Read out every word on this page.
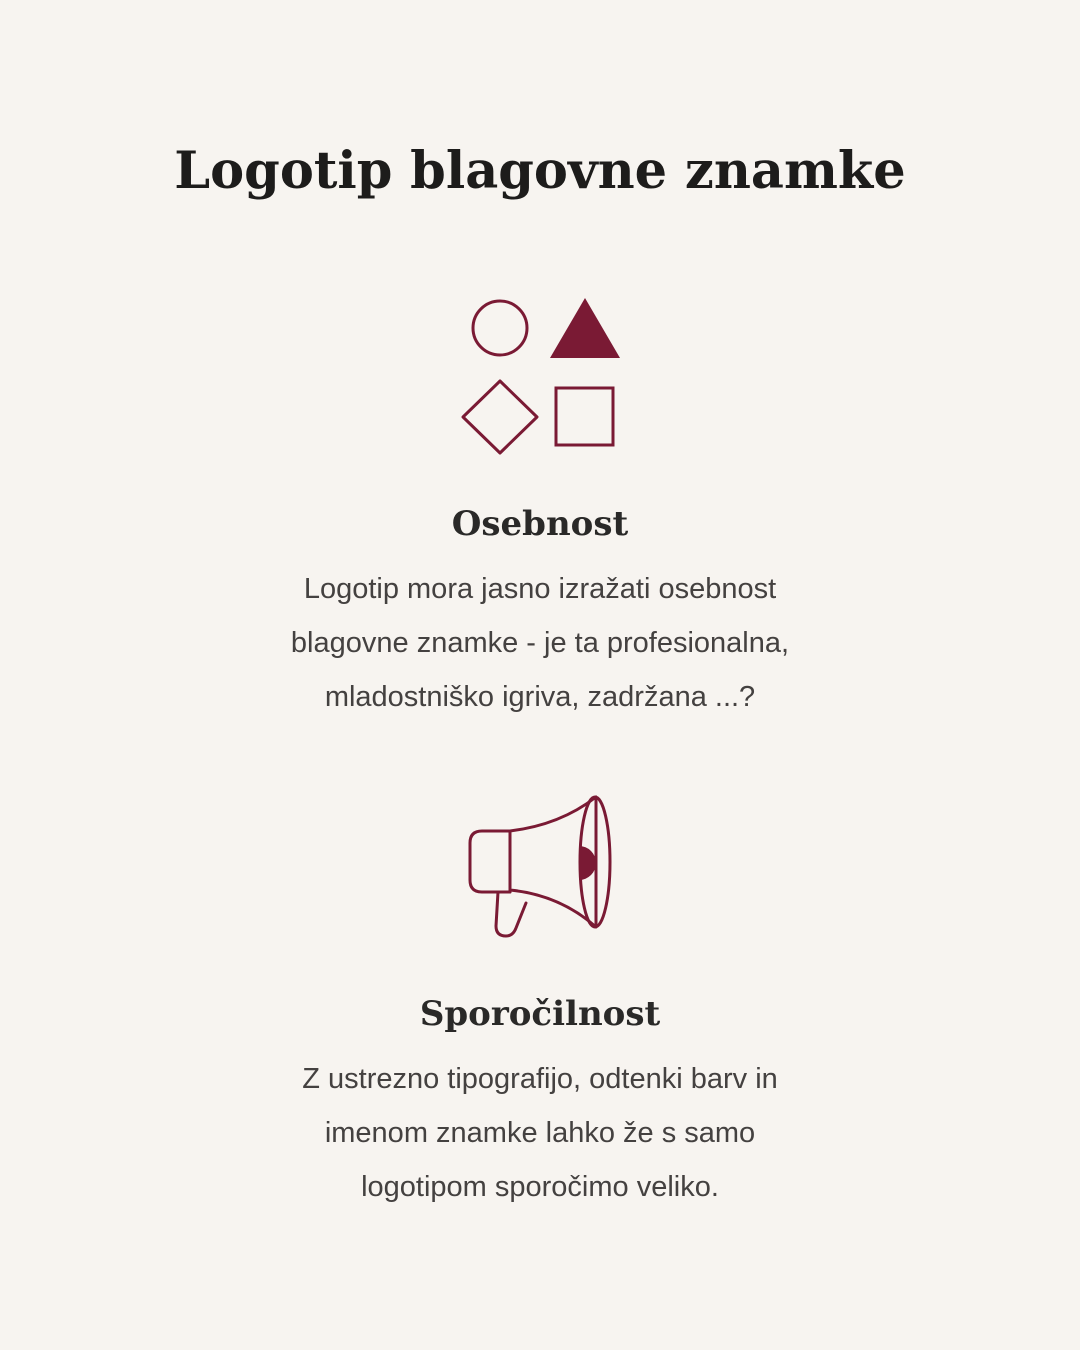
Logotip blagovne znamke
Osebnost

Logotip mora jasno izražati osebnost
blagovne znamke - je ta profesionalna,
mladostniško igriva, zadržana ...?

Sporočilnost

Z ustrezno tipografijo, odtenki barv in
imenom znamke lahko že s samo
logotipom sporočimo veliko.
